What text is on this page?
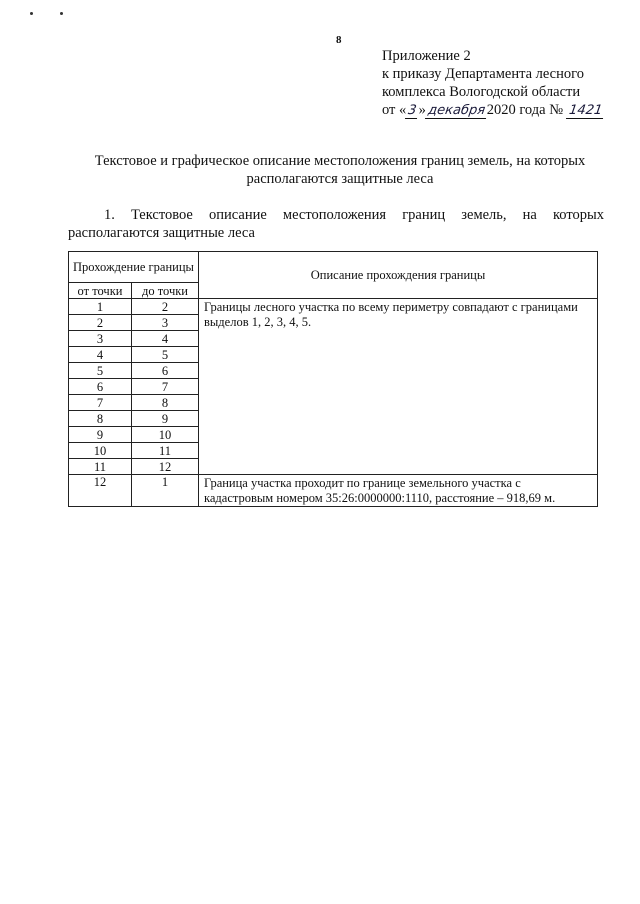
8
Приложение 2
к приказу Департамента лесного
комплекса Вологодской области
от «3»декабря2020 года № 1421
Текстовое и графическое описание местоположения границ земель, на которых располагаются защитные леса
1. Текстовое описание местоположения границ земель, на которых
располагаются защитные леса
Прохождение границы		Описание прохождения границы
от точки	до точки	
1	2	Границы лесного участка по всему периметру совпадают с границами выделов 1, 2, 3, 4, 5.
2	3	
3	4	
4	5	
5	6	
6	7	
7	8	
8	9	
9	10	
10	11	
11	12	
12	1	Граница участка проходит по границе земельного участка с кадастровым номером 35:26:0000000:1110, расстояние – 918,69 м.
